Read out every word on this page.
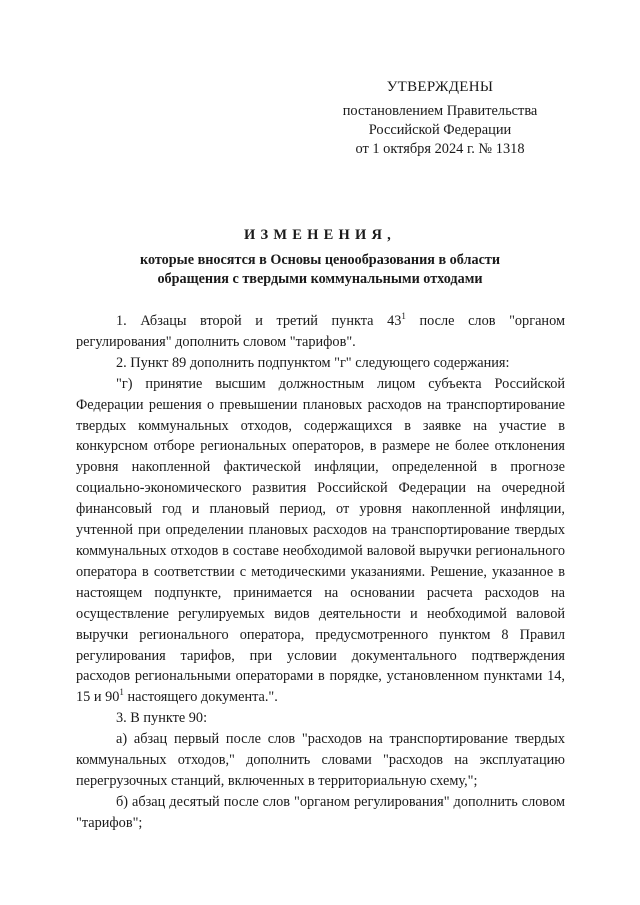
УТВЕРЖДЕНЫ
постановлением Правительства
Российской Федерации
от 1 октября 2024 г. № 1318
ИЗМЕНЕНИЯ,
которые вносятся в Основы ценообразования в области
обращения с твердыми коммунальными отходами

1. Абзацы второй и третий пункта $43^1$ после слов "органом регулирования" дополнить словом "тарифов".

2. Пункт 89 дополнить подпунктом "г" следующего содержания:

"г) принятие высшим должностным лицом субъекта Российской Федерации решения о превышении плановых расходов на транспортирование твердых коммунальных отходов, содержащихся в заявке на участие в конкурсном отборе региональных операторов, в размере не более отклонения уровня накопленной фактической инфляции, определенной в прогнозе социально-экономического развития Российской Федерации на очередной финансовый год и плановый период, от уровня накопленной инфляции, учтенной при определении плановых расходов на транспортирование твердых коммунальных отходов в составе необходимой валовой выручки регионального оператора в соответствии с методическими указаниями. Решение, указанное в настоящем подпункте, принимается на основании расчета расходов на осуществление регулируемых видов деятельности и необходимой валовой выручки регионального оператора, предусмотренного пунктом 8 Правил регулирования тарифов, при условии документального подтверждения расходов региональными операторами в порядке, установленном пунктами 14, 15 и $90^1$ настоящего документа.".

3. В пункте 90:

а) абзац первый после слов "расходов на транспортирование твердых коммунальных отходов," дополнить словами "расходов на эксплуатацию перегрузочных станций, включенных в территориальную схему,";

б) абзац десятый после слов "органом регулирования" дополнить словом "тарифов";
